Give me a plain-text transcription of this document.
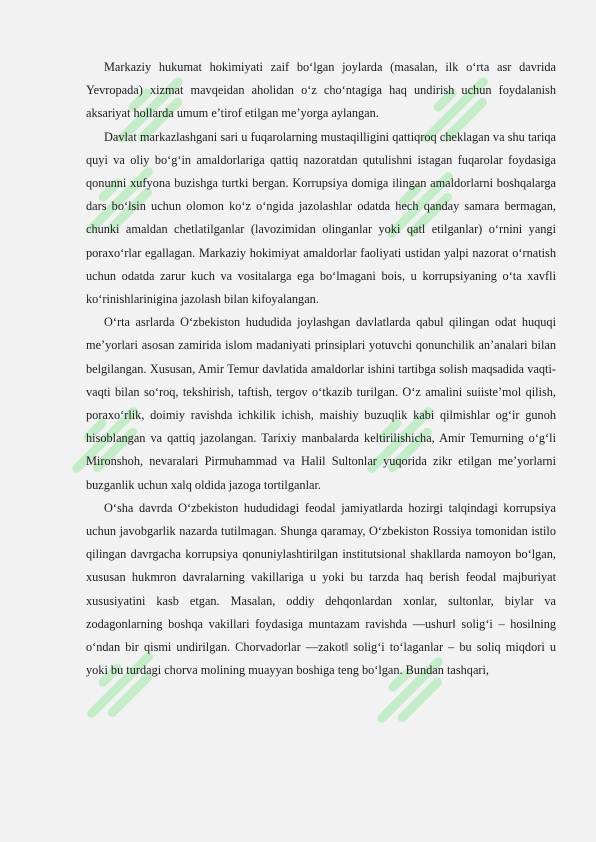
Markaziy hukumat hokimiyati zaif bo‘lgan joylarda (masalan, ilk o‘rta asr davrida Yevropada) xizmat mavqeidan aholidan o‘z cho‘ntagiga haq undirish uchun foydalanish aksariyat hollarda umum e’tirof etilgan me’yorga aylangan.

Davlat markazlashgani sari u fuqarolarning mustaqilligini qattiqroq cheklagan va shu tariqa quyi va oliy bo‘g‘in amaldorlariga qattiq nazoratdan qutulishni istagan fuqarolar foydasiga qonunni xufyona buzishga turtki bergan. Korrupsiya domiga ilingan amaldorlarni boshqalarga dars bo‘lsin uchun olomon ko‘z o‘ngida jazolashlar odatda hech qanday samara bermagan, chunki amaldan chetlatilganlar (lavozimidan olinganlar yoki qatl etilganlar) o‘rnini yangi poraxo‘rlar egallagan. Markaziy hokimiyat amaldorlar faoliyati ustidan yalpi nazorat o‘rnatish uchun odatda zarur kuch va vositalarga ega bo‘lmagani bois, u korrupsiyaning o‘ta xavfli ko‘rinishlarinigina jazolash bilan kifoyalangan.

O‘rta asrlarda O‘zbekiston hududida joylashgan davlatlarda qabul qilingan odat huquqi me’yorlari asosan zamirida islom madaniyati prinsiplari yotuvchi qonunchilik an’analari bilan belgilangan. Xususan, Amir Temur davlatida amaldorlar ishini tartibga solish maqsadida vaqti-vaqti bilan so‘roq, tekshirish, taftish, tergov o‘tkazib turilgan. O‘z amalini suiiste’mol qilish, poraxo‘rlik, doimiy ravishda ichkilik ichish, maishiy buzuqlik kabi qilmishlar og‘ir gunoh hisoblangan va qattiq jazolangan. Tarixiy manbalarda keltirilishicha, Amir Temurning o‘g‘li Mironshoh, nevaralari Pirmuhammad va Halil Sultonlar yuqorida zikr etilgan me’yorlarni buzganlik uchun xalq oldida jazoga tortilganlar.

O‘sha davrda O‘zbekiston hududidagi feodal jamiyatlarda hozirgi talqindagi korrupsiya uchun javobgarlik nazarda tutilmagan. Shunga qaramay, O‘zbekiston Rossiya tomonidan istilo qilingan davrgacha korrupsiya qonuniylashtirilgan institutsional shakllarda namoyon bo‘lgan, xususan hukmron davralarning vakillariga u yoki bu tarzda haq berish feodal majburiyat xususiyatini kasb etgan. Masalan, oddiy dehqonlardan xonlar, sultonlar, biylar va zodagonlarning boshqa vakillari foydasiga muntazam ravishda ―ushur‖ solig‘i – hosilning o‘ndan bir qismi undirilgan. Chorvadorlar ―zakot‖ solig‘i to‘laganlar – bu soliq miqdori u yoki bu turdagi chorva molining muayyan boshiga teng bo‘lgan. Bundan tashqari,
